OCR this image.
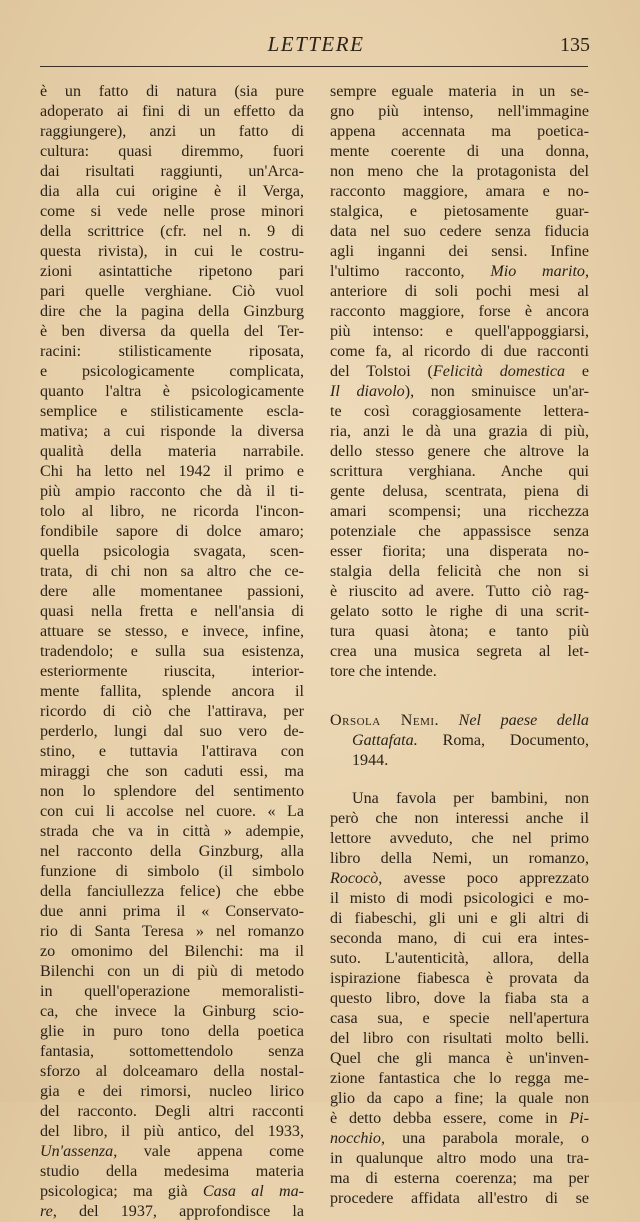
LETTERE	135
è un fatto di natura (sia pure
adoperato ai fini di un effetto da
raggiungere), anzi un fatto di
cultura: quasi diremmo, fuori
dai risultati raggiunti, un'Arca-
dia alla cui origine è il Verga,
come si vede nelle prose minori
della scrittrice (cfr. nel n. 9 di
questa rivista), in cui le costru-
zioni asintattiche ripetono pari
pari quelle verghiane. Ciò vuol
dire che la pagina della Ginzburg
è ben diversa da quella del Ter-
racini: stilisticamente riposata,
e psicologicamente complicata,
quanto l'altra è psicologicamente
semplice e stilisticamente escla-
mativa; a cui risponde la diversa
qualità della materia narrabile.
Chi ha letto nel 1942 il primo e
più ampio racconto che dà il ti-
tolo al libro, ne ricorda l'incon-
fondibile sapore di dolce amaro;
quella psicologia svagata, scen-
trata, di chi non sa altro che ce-
dere alle momentanee passioni,
quasi nella fretta e nell'ansia di
attuare se stesso, e invece, infine,
tradendolo; e sulla sua esistenza,
esteriormente riuscita, interior-
mente fallita, splende ancora il
ricordo di ciò che l'attirava, per
perderlo, lungi dal suo vero de-
stino, e tuttavia l'attirava con
miraggi che son caduti essi, ma
non lo splendore del sentimento
con cui li accolse nel cuore. « La
strada che va in città » adempie,
nel racconto della Ginzburg, alla
funzione di simbolo (il simbolo
della fanciullezza felice) che ebbe
due anni prima il « Conservato-
rio di Santa Teresa » nel romanzo
zo omonimo del Bilenchi: ma il
Bilenchi con un di più di metodo
in quell'operazione memoralisti-
ca, che invece la Ginburg scio-
glie in puro tono della poetica
fantasia, sottomettendolo senza
sforzo al dolceamaro della nostal-
gia e dei rimorsi, nucleo lirico
del racconto. Degli altri racconti
del libro, il più antico, del 1933,
Un'assenza, vale appena come
studio della medesima materia
psicologica; ma già Casa al ma-
re, del 1937, approfondisce la
sempre eguale materia in un se-
gno più intenso, nell'immagine
appena accennata ma poetica-
mente coerente di una donna,
non meno che la protagonista del
racconto maggiore, amara e no-
stalgica, e pietosamente guar-
data nel suo cedere senza fiducia
agli inganni dei sensi. Infine
l'ultimo racconto, Mio marito,
anteriore di soli pochi mesi al
racconto maggiore, forse è ancora
più intenso: e quell'appoggiarsi,
come fa, al ricordo di due racconti
del Tolstoi (Felicità domestica e
Il diavolo), non sminuisce un'ar-
te così coraggiosamente lettera-
ria, anzi le dà una grazia di più,
dello stesso genere che altrove la
scrittura verghiana. Anche qui
gente delusa, scentrata, piena di
amari scompensi; una ricchezza
potenziale che appassisce senza
esser fiorita; una disperata no-
stalgia della felicità che non si
è riuscito ad avere. Tutto ciò rag-
gelato sotto le righe di una scrit-
tura quasi àtona; e tanto più
crea una musica segreta al let-
tore che intende.
Orsola Nemi. Nel paese della
Gattafata. Roma, Documento,
1944.
Una favola per bambini, non
però che non interessi anche il
lettore avveduto, che nel primo
libro della Nemi, un romanzo,
Rococò, avesse poco apprezzato
il misto di modi psicologici e mo-
di fiabeschi, gli uni e gli altri di
seconda mano, di cui era intes-
suto. L'autenticità, allora, della
ispirazione fiabesca è provata da
questo libro, dove la fiaba sta a
casa sua, e specie nell'apertura
del libro con risultati molto belli.
Quel che gli manca è un'inven-
zione fantastica che lo regga me-
glio da capo a fine; la quale non
è detto debba essere, come in Pi-
nocchio, una parabola morale, o
in qualunque altro modo una tra-
ma di esterna coerenza; ma per
procedere affidata all'estro di se
